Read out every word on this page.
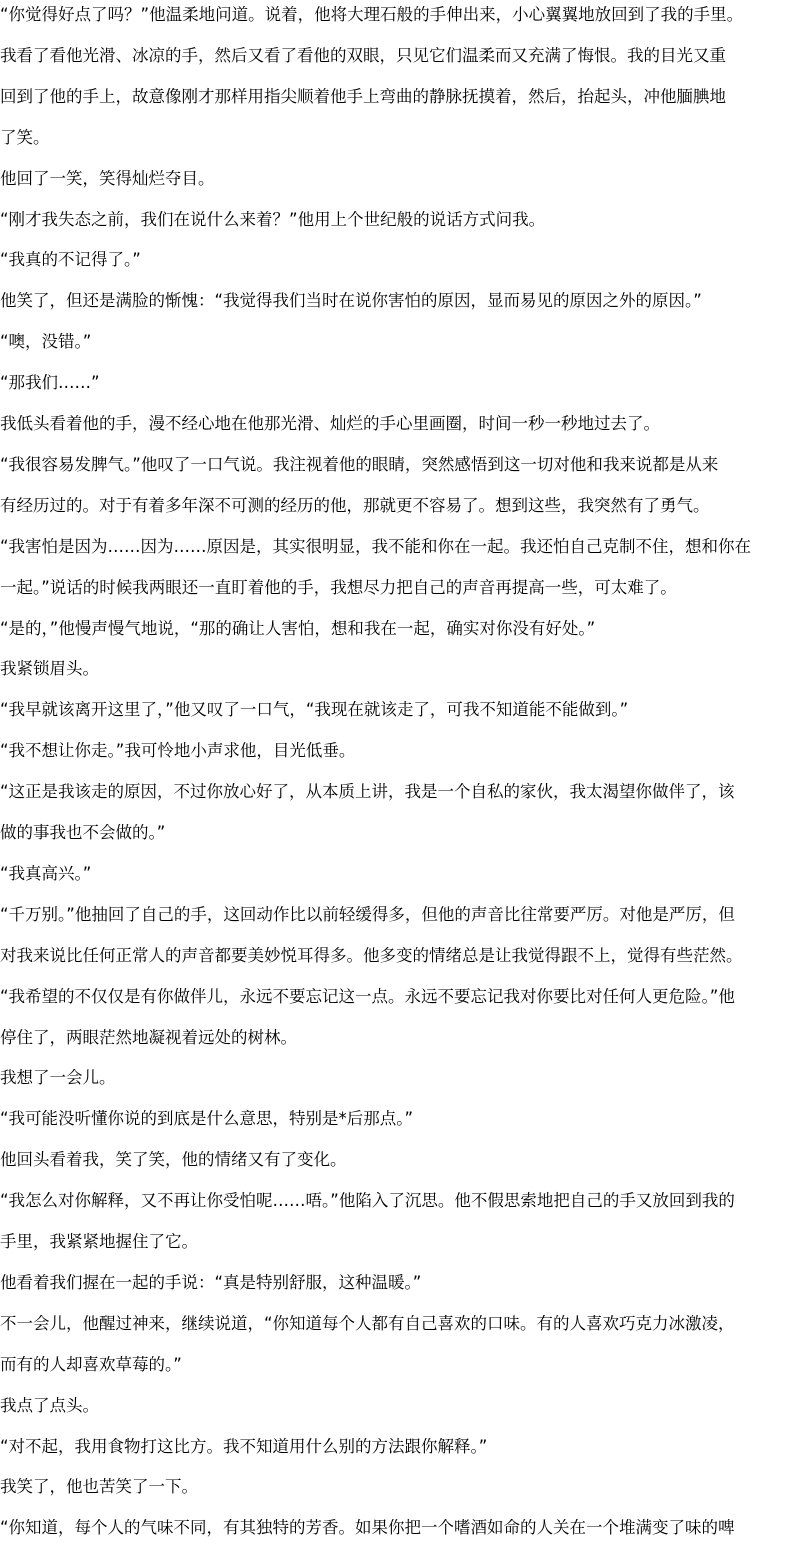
“你觉得好点了吗？”他温柔地问道。说着，他将大理石般的手伸出来，小心翼翼地放回到了我的手里。
我看了看他光滑、冰凉的手，然后又看了看他的双眼，只见它们温柔而又充满了悔恨。我的目光又重
回到了他的手上，故意像刚才那样用指尖顺着他手上弯曲的静脉抚摸着，然后，抬起头，冲他腼腆地
了笑。
他回了一笑，笑得灿烂夺目。
“刚才我失态之前，我们在说什么来着？”他用上个世纪般的说话方式问我。
“我真的不记得了。”
他笑了，但还是满脸的惭愧：“我觉得我们当时在说你害怕的原因，显而易见的原因之外的原因。”
“噢，没错。”
“那我们……”
我低头看着他的手，漫不经心地在他那光滑、灿烂的手心里画圈，时间一秒一秒地过去了。
“我很容易发脾气。”他叹了一口气说。我注视着他的眼睛，突然感悟到这一切对他和我来说都是从来
有经历过的。对于有着多年深不可测的经历的他，那就更不容易了。想到这些，我突然有了勇气。
“我害怕是因为……因为……原因是，其实很明显，我不能和你在一起。我还怕自己克制不住，想和你在
一起。”说话的时候我两眼还一直盯着他的手，我想尽力把自己的声音再提高一些，可太难了。
“是的，”他慢声慢气地说，“那的确让人害怕，想和我在一起，确实对你没有好处。”
我紧锁眉头。
“我早就该离开这里了，”他又叹了一口气，“我现在就该走了，可我不知道能不能做到。”
“我不想让你走。”我可怜地小声求他，目光低垂。
“这正是我该走的原因，不过你放心好了，从本质上讲，我是一个自私的家伙，我太渴望你做伴了，该
做的事我也不会做的。”
“我真高兴。”
“千万别。”他抽回了自己的手，这回动作比以前轻缓得多，但他的声音比往常要严厉。对他是严厉，但
对我来说比任何正常人的声音都要美妙悦耳得多。他多变的情绪总是让我觉得跟不上，觉得有些茫然。
“我希望的不仅仅是有你做伴儿，永远不要忘记这一点。永远不要忘记我对你要比对任何人更危险。”他
停住了，两眼茫然地凝视着远处的树林。
我想了一会儿。
“我可能没听懂你说的到底是什么意思，特别是*后那点。”
他回头看着我，笑了笑，他的情绪又有了变化。
“我怎么对你解释，又不再让你受怕呢……唔。”他陷入了沉思。他不假思索地把自己的手又放回到我的
手里，我紧紧地握住了它。
他看着我们握在一起的手说：“真是特别舒服，这种温暖。”
不一会儿，他醒过神来，继续说道，“你知道每个人都有自己喜欢的口味。有的人喜欢巧克力冰激凌，
而有的人却喜欢草莓的。”
我点了点头。
“对不起，我用食物打这比方。我不知道用什么别的方法跟你解释。”
我笑了，他也苦笑了一下。
“你知道，每个人的气味不同，有其独特的芳香。如果你把一个嗜酒如命的人关在一个堆满变了味的啤
